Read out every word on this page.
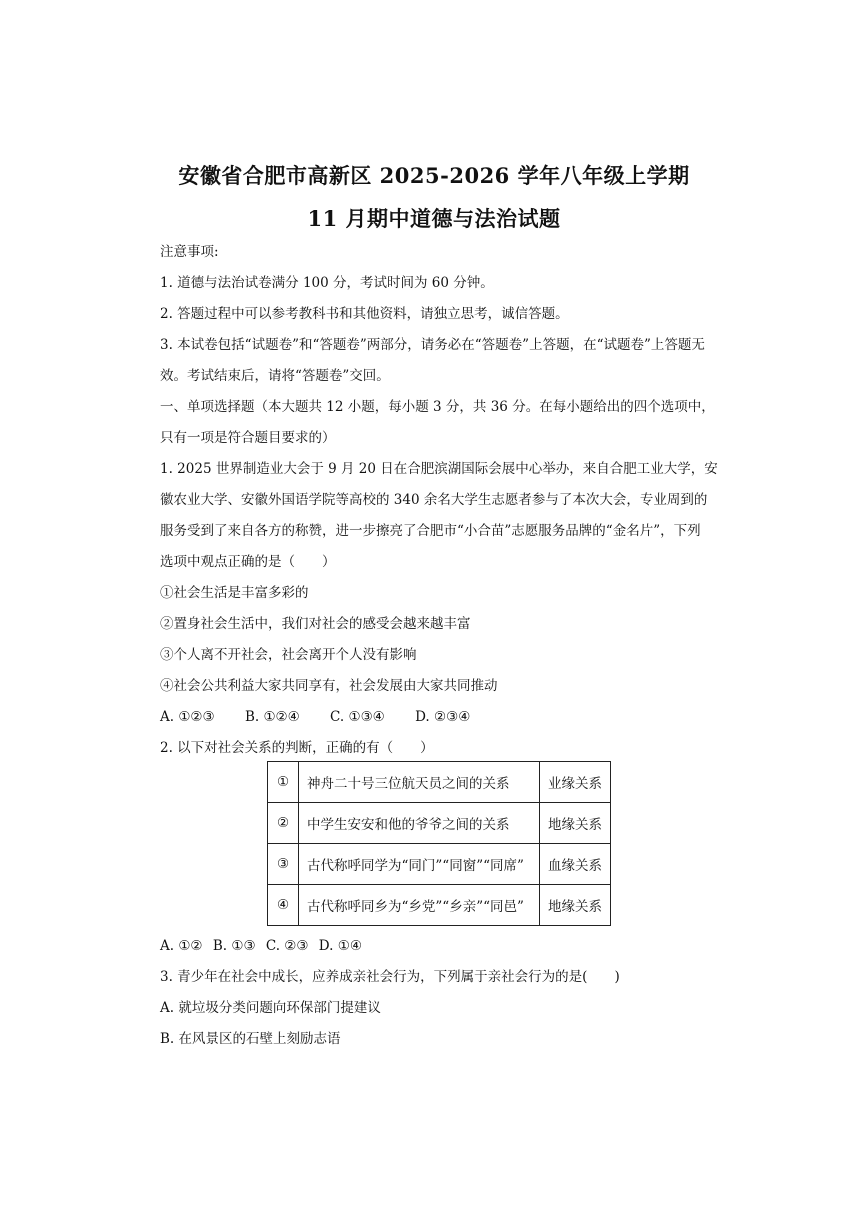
安徽省合肥市高新区 2025-2026 学年八年级上学期
11 月期中道德与法治试题
注意事项:
1. 道德与法治试卷满分 100 分，考试时间为 60 分钟。
2. 答题过程中可以参考教科书和其他资料，请独立思考，诚信答题。
3. 本试卷包括“试题卷”和“答题卷”两部分，请务必在“答题卷”上答题，在“试题卷”上答题无
效。考试结束后，请将“答题卷”交回。
一、单项选择题（本大题共 12 小题，每小题 3 分，共 36 分。在每小题给出的四个选项中，
只有一项是符合题目要求的）
1. 2025 世界制造业大会于 9 月 20 日在合肥滨湖国际会展中心举办，来自合肥工业大学，安
徽农业大学、安徽外国语学院等高校的 340 余名大学生志愿者参与了本次大会，专业周到的
服务受到了来自各方的称赞，进一步擦亮了合肥市“小合苗”志愿服务品牌的“金名片”，下列
选项中观点正确的是（　　）
①社会生活是丰富多彩的
②置身社会生活中，我们对社会的感受会越来越丰富
③个人离不开社会，社会离开个人没有影响
④社会公共利益大家共同享有，社会发展由大家共同推动
A. ①②③ B. ①②④ C. ①③④ D. ②③④
2. 以下对社会关系的判断，正确的有（　　）
①	神舟二十号三位航天员之间的关系	业缘关系
②	中学生安安和他的爷爷之间的关系	地缘关系
③	古代称呼同学为“同门”“同窗”“同席”	血缘关系
④	古代称呼同乡为“乡党”“乡亲”“同邑”	地缘关系
A. ①② B. ①③ C. ②③ D. ①④
3. 青少年在社会中成长，应养成亲社会行为，下列属于亲社会行为的是(　　)
A. 就垃圾分类问题向环保部门提建议
B. 在风景区的石壁上刻励志语
